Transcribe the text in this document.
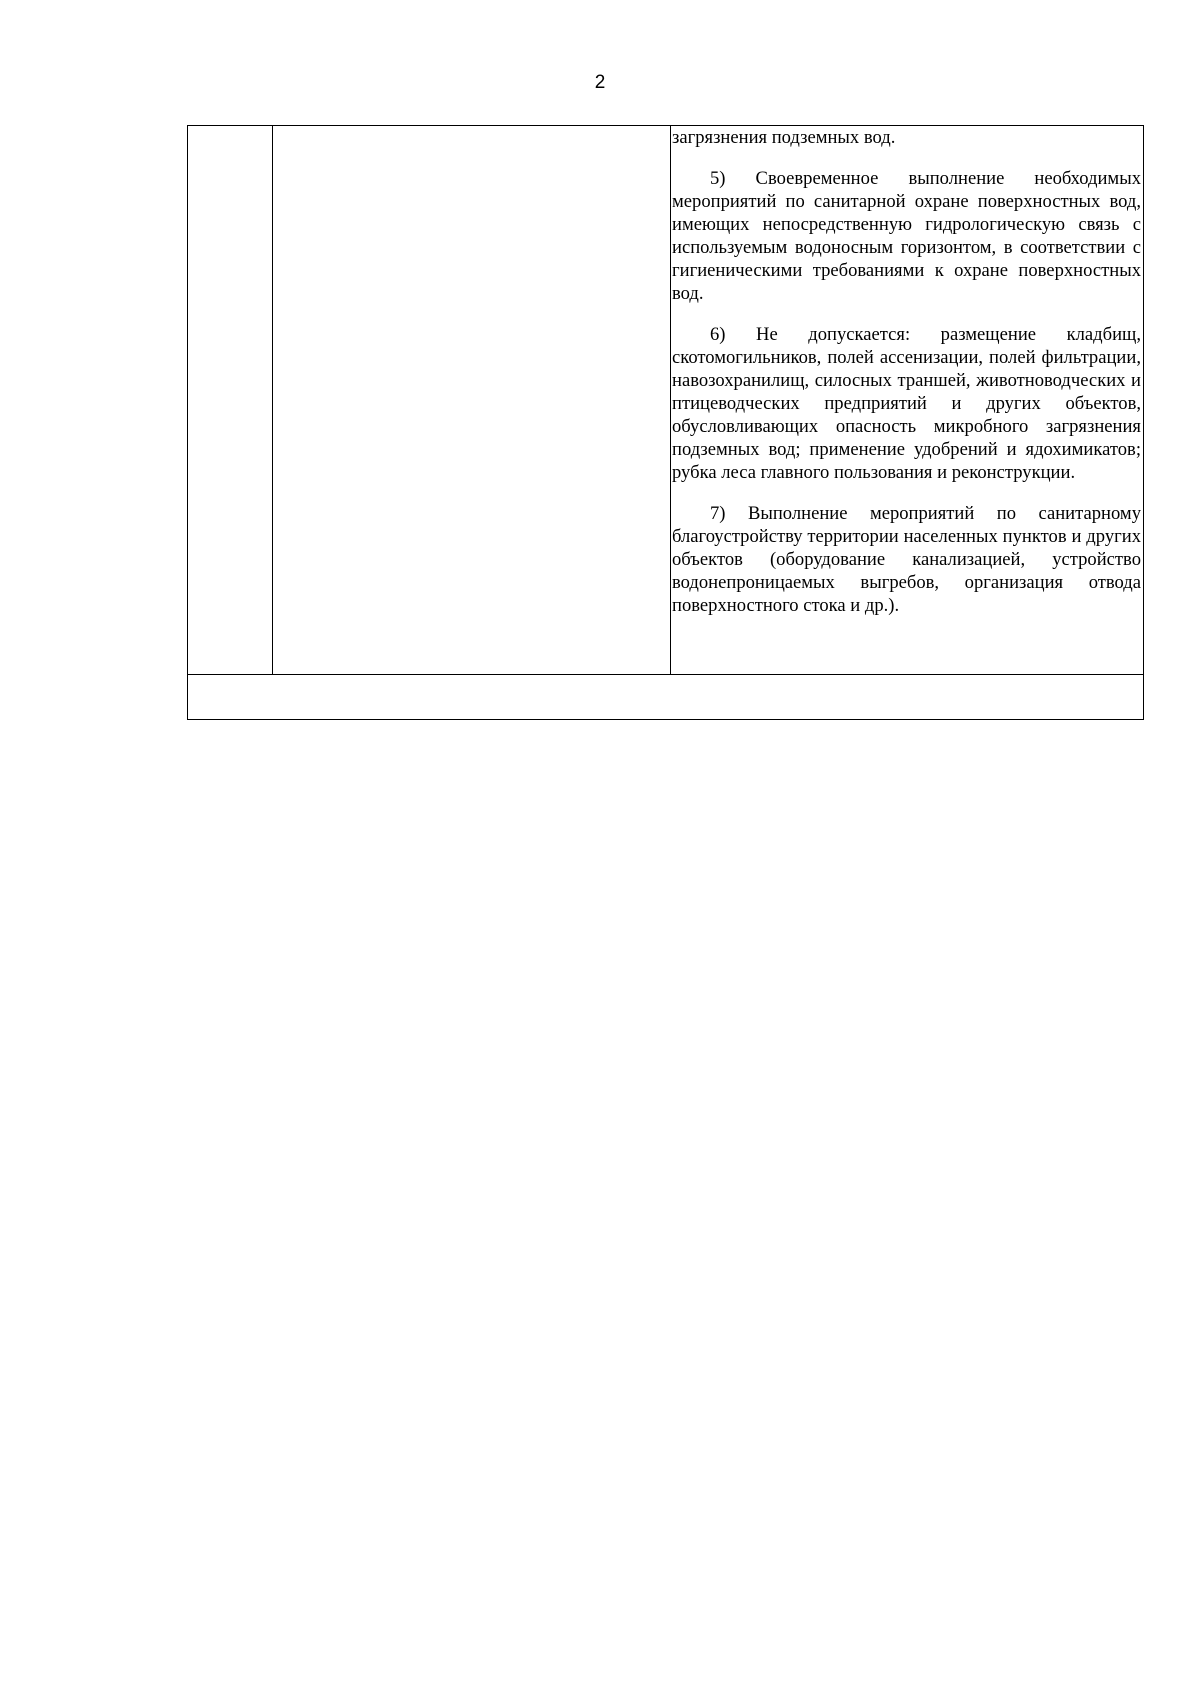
2

загрязнения подземных вод.

5) Своевременное выполнение необходимых мероприятий по санитарной охране поверхностных вод, имеющих непосредственную гидрологическую связь с используемым водоносным горизонтом, в соответствии с гигиеническими требованиями к охране поверхностных вод.

6) Не допускается: размещение кладбищ, скотомогильников, полей ассенизации, полей фильтрации, навозохранилищ, силосных траншей, животноводческих и птицеводческих предприятий и других объектов, обусловливающих опасность микробного загрязнения подземных вод; применение удобрений и ядохимикатов; рубка леса главного пользования и реконструкции.

7) Выполнение мероприятий по санитарному благоустройству территории населенных пунктов и других объектов (оборудование канализацией, устройство водонепроницаемых выгребов, организация отвода поверхностного стока и др.).
